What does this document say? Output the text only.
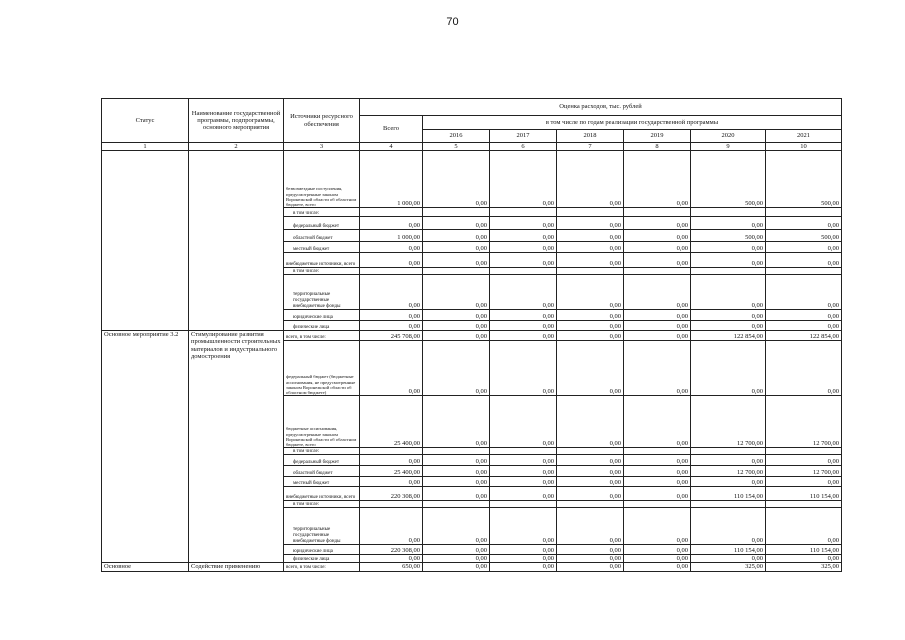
70
Статус	Наименование государственной программы, подпрограммы, основного мероприятия	Источники ресурсного обеспечения	Оценка расходов, тыс. рублей						
			Всего	в том числе по годам реализации государственной программы					
				2016	2017	2018	2019	2020	2021
1	2	3	4	5	6	7	8	9	10
		безвозмездные поступления, предусмотренные законом Воронежской области об областном бюджете, всего	1 000,00	0,00	0,00	0,00	0,00	500,00	500,00
		в том числе:							
		федеральный бюджет	0,00	0,00	0,00	0,00	0,00	0,00	0,00
		областной бюджет	1 000,00	0,00	0,00	0,00	0,00	500,00	500,00
		местный бюджет	0,00	0,00	0,00	0,00	0,00	0,00	0,00
		внебюджетные источники, всего	0,00	0,00	0,00	0,00	0,00	0,00	0,00
		в том числе:							
		территориальные государственные внебюджетные фонды	0,00	0,00	0,00	0,00	0,00	0,00	0,00
		юридические лица	0,00	0,00	0,00	0,00	0,00	0,00	0,00
		физические лица	0,00	0,00	0,00	0,00	0,00	0,00	0,00
Основное мероприятие 3.2	Стимулирование развития промышленности строительных материалов и индустриального домостроения	всего, в том числе:	245 708,00	0,00	0,00	0,00	0,00	122 854,00	122 854,00
		федеральный бюджет (бюджетные ассигнования, не предусмотренные законом Воронежской области об областном бюджете)	0,00	0,00	0,00	0,00	0,00	0,00	0,00
		бюджетные ассигнования, предусмотренные законом Воронежской области об областном бюджете, всего	25 400,00	0,00	0,00	0,00	0,00	12 700,00	12 700,00
		в том числе:							
		федеральный бюджет	0,00	0,00	0,00	0,00	0,00	0,00	0,00
		областной бюджет	25 400,00	0,00	0,00	0,00	0,00	12 700,00	12 700,00
		местный бюджет	0,00	0,00	0,00	0,00	0,00	0,00	0,00
		внебюджетные источники, всего	220 308,00	0,00	0,00	0,00	0,00	110 154,00	110 154,00
		в том числе:							
		территориальные государственные внебюджетные фонды	0,00	0,00	0,00	0,00	0,00	0,00	0,00
		юридические лица	220 308,00	0,00	0,00	0,00	0,00	110 154,00	110 154,00
		физические лица	0,00	0,00	0,00	0,00	0,00	0,00	0,00
Основное	Содействие применению	всего, в том числе:	650,00	0,00	0,00	0,00	0,00	325,00	325,00
